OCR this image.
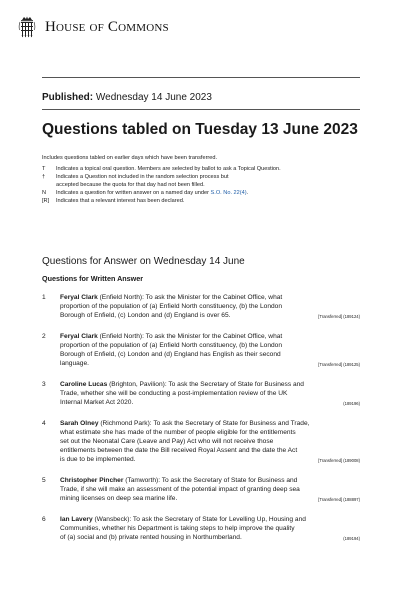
House of Commons
Published: Wednesday 14 June 2023
Questions tabled on Tuesday 13 June 2023
Includes questions tabled on earlier days which have been transferred.
T	Indicates a topical oral question. Members are selected by ballot to ask a Topical Question.
†	Indicates a Question not included in the random selection process but
accepted because the quota for that day had not been filled.
N	Indicates a question for written answer on a named day under S.O. No. 22(4).
[R]	Indicates that a relevant interest has been declared.
Questions for Answer on Wednesday 14 June
Questions for Written Answer
1 Feryal Clark (Enfield North): To ask the Minister for the Cabinet Office, what
proportion of the population of (a) Enfield North constituency, (b) the London
Borough of Enfield, (c) London and (d) England is over 65.	[Transferred] (189124)
2 Feryal Clark (Enfield North): To ask the Minister for the Cabinet Office, what
proportion of the population of (a) Enfield North constituency, (b) the London
Borough of Enfield, (c) London and (d) England has English as their second
language.	[Transferred] (189125)
3 Caroline Lucas (Brighton, Pavilion): To ask the Secretary of State for Business and
Trade, whether she will be conducting a post-implementation review of the UK
Internal Market Act 2020.	(189196)
4 Sarah Olney (Richmond Park): To ask the Secretary of State for Business and Trade,
what estimate she has made of the number of people eligible for the entitlements
set out the Neonatal Care (Leave and Pay) Act who will not receive those
entitlements between the date the Bill received Royal Assent and the date the Act
is due to be implemented.	[Transferred] (189008)
5 Christopher Pincher (Tamworth): To ask the Secretary of State for Business and
Trade, if she will make an assessment of the potential impact of granting deep sea
mining licenses on deep sea marine life.	[Transferred] (188897)
6 Ian Lavery (Wansbeck): To ask the Secretary of State for Levelling Up, Housing and
Communities, whether his Department is taking steps to help improve the quality
of (a) social and (b) private rented housing in Northumberland.	(189194)
